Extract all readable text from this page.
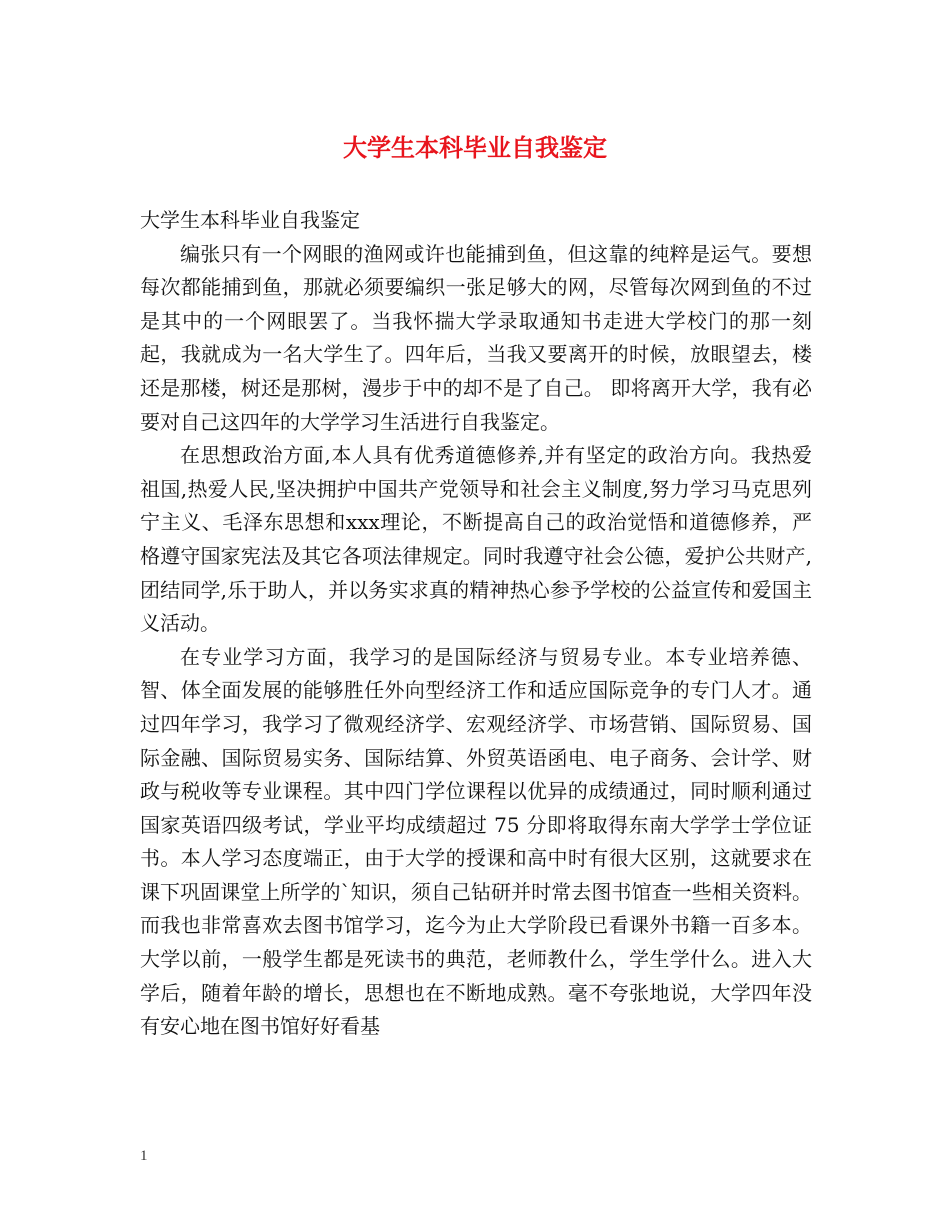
大学生本科毕业自我鉴定

大学生本科毕业自我鉴定

编张只有一个网眼的渔网或许也能捕到鱼，但这靠的纯粹是运气。要想每次都能捕到鱼，那就必须要编织一张足够大的网，尽管每次网到鱼的不过是其中的一个网眼罢了。当我怀揣大学录取通知书走进大学校门的那一刻起，我就成为一名大学生了。四年后，当我又要离开的时候，放眼望去，楼还是那楼，树还是那树，漫步于中的却不是了自己。 即将离开大学，我有必要对自己这四年的大学学习生活进行自我鉴定。

在思想政治方面,本人具有优秀道德修养,并有坚定的政治方向。我热爱祖国,热爱人民,坚决拥护中国共产党领导和社会主义制度,努力学习马克思列宁主义、毛泽东思想和xxx理论，不断提高自己的政治觉悟和道德修养，严格遵守国家宪法及其它各项法律规定。同时我遵守社会公德，爱护公共财产,团结同学,乐于助人，并以务实求真的精神热心参予学校的公益宣传和爱国主义活动。

在专业学习方面，我学习的是国际经济与贸易专业。本专业培养德、智、体全面发展的能够胜任外向型经济工作和适应国际竞争的专门人才。通过四年学习，我学习了微观经济学、宏观经济学、市场营销、国际贸易、国际金融、国际贸易实务、国际结算、外贸英语函电、电子商务、会计学、财政与税收等专业课程。其中四门学位课程以优异的成绩通过，同时顺利通过国家英语四级考试，学业平均成绩超过 75 分即将取得东南大学学士学位证书。本人学习态度端正，由于大学的授课和高中时有很大区别，这就要求在课下巩固课堂上所学的`知识，须自己钻研并时常去图书馆查一些相关资料。而我也非常喜欢去图书馆学习，迄今为止大学阶段已看课外书籍一百多本。大学以前，一般学生都是死读书的典范，老师教什么，学生学什么。进入大学后，随着年龄的增长，思想也在不断地成熟。毫不夸张地说，大学四年没有安心地在图书馆好好看基

1
